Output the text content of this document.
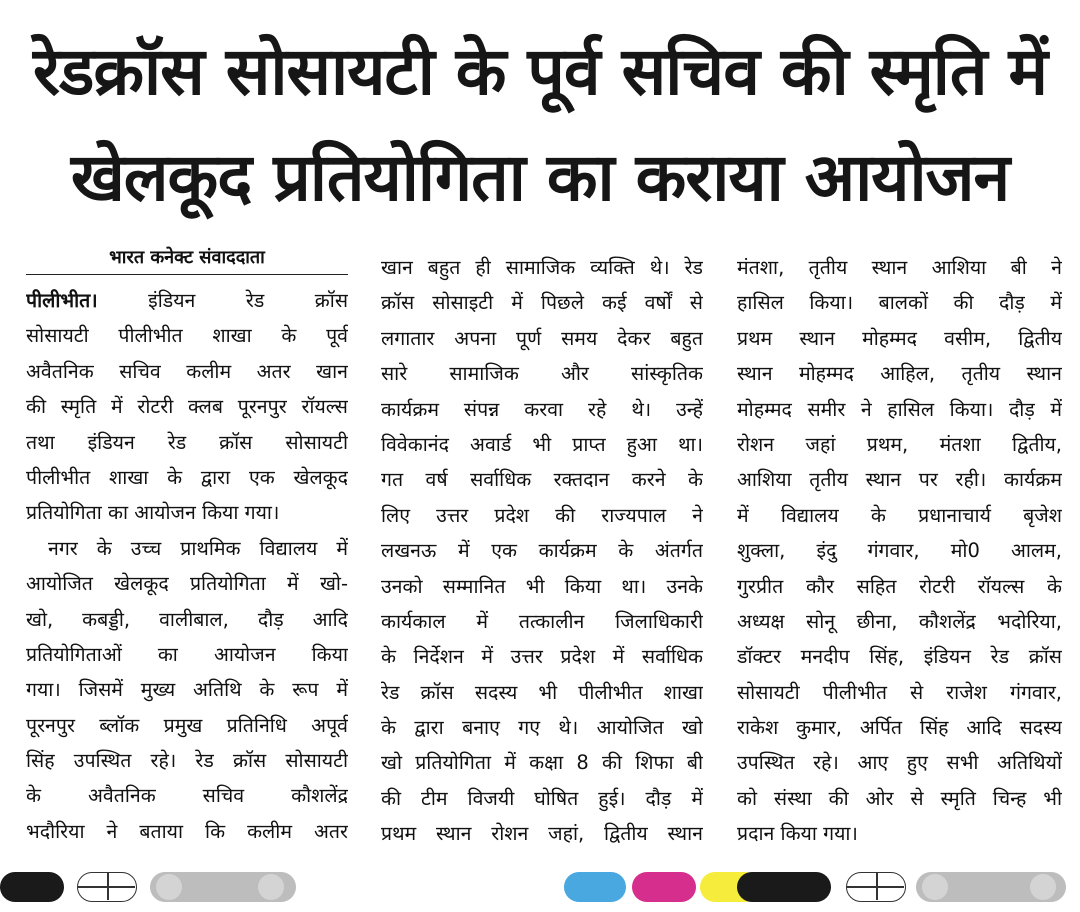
रेडक्रॉस सोसायटी के पूर्व सचिव की स्मृति में
खेलकूद प्रतियोगिता का कराया आयोजन
भारत कनेक्ट संवाददाता
पीलीभीत। इंडियन रेड क्रॉस
सोसायटी पीलीभीत शाखा के पूर्व
अवैतनिक सचिव कलीम अतर खान
की स्मृति में रोटरी क्लब पूरनपुर रॉयल्स
तथा इंडियन रेड क्रॉस सोसायटी
पीलीभीत शाखा के द्वारा एक खेलकूद
प्रतियोगिता का आयोजन किया गया।
नगर के उच्च प्राथमिक विद्यालय में
आयोजित खेलकूद प्रतियोगिता में खो-
खो, कबड्डी, वालीबाल, दौड़ आदि
प्रतियोगिताओं का आयोजन किया
गया। जिसमें मुख्य अतिथि के रूप में
पूरनपुर ब्लॉक प्रमुख प्रतिनिधि अपूर्व
सिंह उपस्थित रहे। रेड क्रॉस सोसायटी
के अवैतनिक सचिव कौशलेंद्र
भदौरिया ने बताया कि कलीम अतर
खान बहुत ही सामाजिक व्यक्ति थे। रेड
क्रॉस सोसाइटी में पिछले कई वर्षों से
लगातार अपना पूर्ण समय देकर बहुत
सारे सामाजिक और सांस्कृतिक
कार्यक्रम संपन्न करवा रहे थे। उन्हें
विवेकानंद अवार्ड भी प्राप्त हुआ था।
गत वर्ष सर्वाधिक रक्तदान करने के
लिए उत्तर प्रदेश की राज्यपाल ने
लखनऊ में एक कार्यक्रम के अंतर्गत
उनको सम्मानित भी किया था। उनके
कार्यकाल में तत्कालीन जिलाधिकारी
के निर्देशन में उत्तर प्रदेश में सर्वाधिक
रेड क्रॉस सदस्य भी पीलीभीत शाखा
के द्वारा बनाए गए थे। आयोजित खो
खो प्रतियोगिता में कक्षा 8 की शिफा बी
की टीम विजयी घोषित हुई। दौड़ में
प्रथम स्थान रोशन जहां, द्वितीय स्थान
मंतशा, तृतीय स्थान आशिया बी ने
हासिल किया। बालकों की दौड़ में
प्रथम स्थान मोहम्मद वसीम, द्वितीय
स्थान मोहम्मद आहिल, तृतीय स्थान
मोहम्मद समीर ने हासिल किया। दौड़ में
रोशन जहां प्रथम, मंतशा द्वितीय,
आशिया तृतीय स्थान पर रही। कार्यक्रम
में विद्यालय के प्रधानाचार्य बृजेश
शुक्ला, इंदु गंगवार, मो0 आलम,
गुरप्रीत कौर सहित रोटरी रॉयल्स के
अध्यक्ष सोनू छीना, कौशलेंद्र भदोरिया,
डॉक्टर मनदीप सिंह, इंडियन रेड क्रॉस
सोसायटी पीलीभीत से राजेश गंगवार,
राकेश कुमार, अर्पित सिंह आदि सदस्य
उपस्थित रहे। आए हुए सभी अतिथियों
को संस्था की ओर से स्मृति चिन्ह भी
प्रदान किया गया।
